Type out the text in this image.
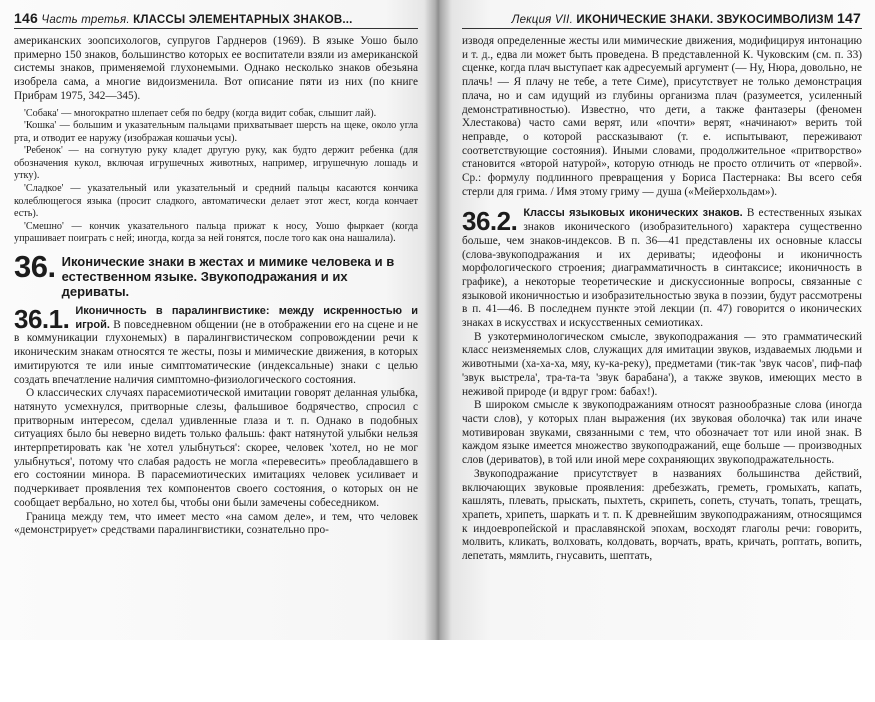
146 Часть третья. КЛАССЫ ЭЛЕМЕНТАРНЫХ ЗНАКОВ...

американских зоопсихологов, супругов Гарднеров (1969). В языке Уошо было примерно 150 знаков, большинство которых ее воспитатели взяли из американской системы знаков, применяемой глухонемыми. Однако несколько знаков обезьяна изобрела сама, а многие видоизменила. Вот описание пяти из них (по книге Прибрам 1975, 342—345).

'Собака' — многократно шлепает себя по бедру (когда видит собак, слышит лай).

'Кошка' — большим и указательным пальцами прихватывает шерсть на щеке, около угла рта, и отводит ее наружу (изображая кошачьи усы).

'Ребенок' — на согнутую руку кладет другую руку, как будто держит ребенка (для обозначения кукол, включая игрушечных животных, например, игрушечную лошадь и утку).

'Сладкое' — указательный или указательный и средний пальцы касаются кончика колеблющегося языка (просит сладкого, автоматически делает этот жест, когда кончает есть).

'Смешно' — кончик указательного пальца прижат к носу, Уошо фыркает (когда упрашивает поиграть с ней; иногда, когда за ней гонятся, после того как она нашалила).

36. Иконические знаки в жестах и мимике человека и в естественном языке. Звукоподражания и их дериваты.

36.1. Иконичность в паралингвистике: между искренностью и игрой. В повседневном общении (не в отображении его на сцене и не в коммуникации глухонемых) в паралингвистическом сопровождении речи к иконическим знакам относятся те жесты, позы и мимические движения, в которых имитируются те или иные симптоматические (индексальные) знаки с целью создать впечатление наличия симптомно-физиологического состояния.

О классических случаях парасемиотической имитации говорят деланная улыбка, натянуто усмехнулся, притворные слезы, фальшивое бодрячество, спросил с притворным интересом, сделал удивленные глаза и т. п. Однако в подобных ситуациях было бы неверно видеть только фальшь: факт натянутой улыбки нельзя интерпретировать как 'не хотел улыбнуться': скорее, человек 'хотел, но не мог улыбнуться', потому что слабая радость не могла «перевесить» преобладавшего в его состоянии минора. В парасемиотических имитациях человек усиливает и подчеркивает проявления тех компонентов своего состояния, о которых он не сообщает вербально, но хотел бы, чтобы они были замечены собеседником.

Граница между тем, что имеет место «на самом деле», и тем, что человек «демонстрирует» средствами паралингвистики, сознательно про-

Лекция VII. ИКОНИЧЕСКИЕ ЗНАКИ. ЗВУКОСИМВОЛИЗМ 147

изводя определенные жесты или мимические движения, модифицируя интонацию и т. д., едва ли может быть проведена. В представленной К. Чуковским (см. п. 33) сценке, когда плач выступает как адресуемый аргумент (— Ну, Нюра, довольно, не плачь! — Я плачу не тебе, а тете Симе), присутствует не только демонстрация плача, но и сам идущий из глубины организма плач (разумеется, усиленный демонстративностью). Известно, что дети, а также фантазеры (феномен Хлестакова) часто сами верят, или «почти» верят, «начинают» верить той неправде, о которой рассказывают (т. е. испытывают, переживают соответствующие состояния). Иными словами, продолжительное «притворство» становится «второй натурой», которую отнюдь не просто отличить от «первой». Ср.: формулу подлинного превращения у Бориса Пастернака: Вы всего себя стерли для грима. / Имя этому гриму — душа («Мейерхольдам»).

36.2. Классы языковых иконических знаков. В естественных языках знаков иконического (изобразительного) характера существенно больше, чем знаков-индексов. В п. 36—41 представлены их основные классы (слова-звукоподражания и их дериваты; идеофоны и иконичность морфологического строения; диаграмматичность в синтаксисе; иконичность в графике), а некоторые теоретические и дискуссионные вопросы, связанные с языковой иконичностью и изобразительностью звука в поэзии, будут рассмотрены в п. 41—46. В последнем пункте этой лекции (п. 47) говорится о иконических знаках в искусствах и искусственных семиотиках.

В узкотерминологическом смысле, звукоподражания — это грамматический класс неизменяемых слов, служащих для имитации звуков, издаваемых людьми и животными (ха-ха-ха, мяу, ку-ка-реку), предметами (тик-так 'звук часов', пиф-паф 'звук выстрела', тра-та-та 'звук барабана'), а также звуков, имеющих место в неживой природе (и вдруг гром: бабах!).

В широком смысле к звукоподражаниям относят разнообразные слова (иногда части слов), у которых план выражения (их звуковая оболочка) так или иначе мотивирован звуками, связанными с тем, что обозначает тот или иной знак. В каждом языке имеется множество звукоподражаний, еще больше — производных слов (дериватов), в той или иной мере сохраняющих звукоподражательность.

Звукоподражание присутствует в названиях большинства действий, включающих звуковые проявления: дребезжать, греметь, громыхать, капать, кашлять, плевать, прыскать, пыхтеть, скрипеть, сопеть, стучать, топать, трещать, храпеть, хрипеть, шаркать и т. п. К древнейшим звукоподражаниям, относящимся к индоевропейской и праславянской эпохам, восходят глаголы речи: говорить, молвить, кликать, волховать, колдовать, ворчать, врать, кричать, роптать, вопить, лепетать, мямлить, гнусавить, шептать,
